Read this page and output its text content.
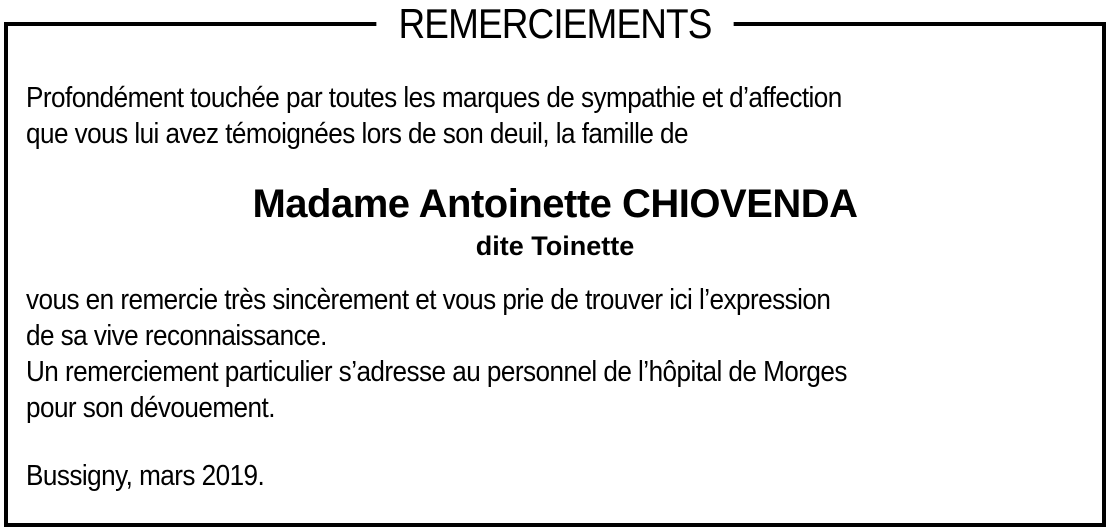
REMERCIEMENTS
Profondément touchée par toutes les marques de sympathie et d’affection
que vous lui avez témoignées lors de son deuil, la famille de
Madame Antoinette CHIOVENDA
dite Toinette
vous en remercie très sincèrement et vous prie de trouver ici l’expression
de sa vive reconnaissance.
Un remerciement particulier s’adresse au personnel de l’hôpital de Morges
pour son dévouement.
Bussigny, mars 2019.
